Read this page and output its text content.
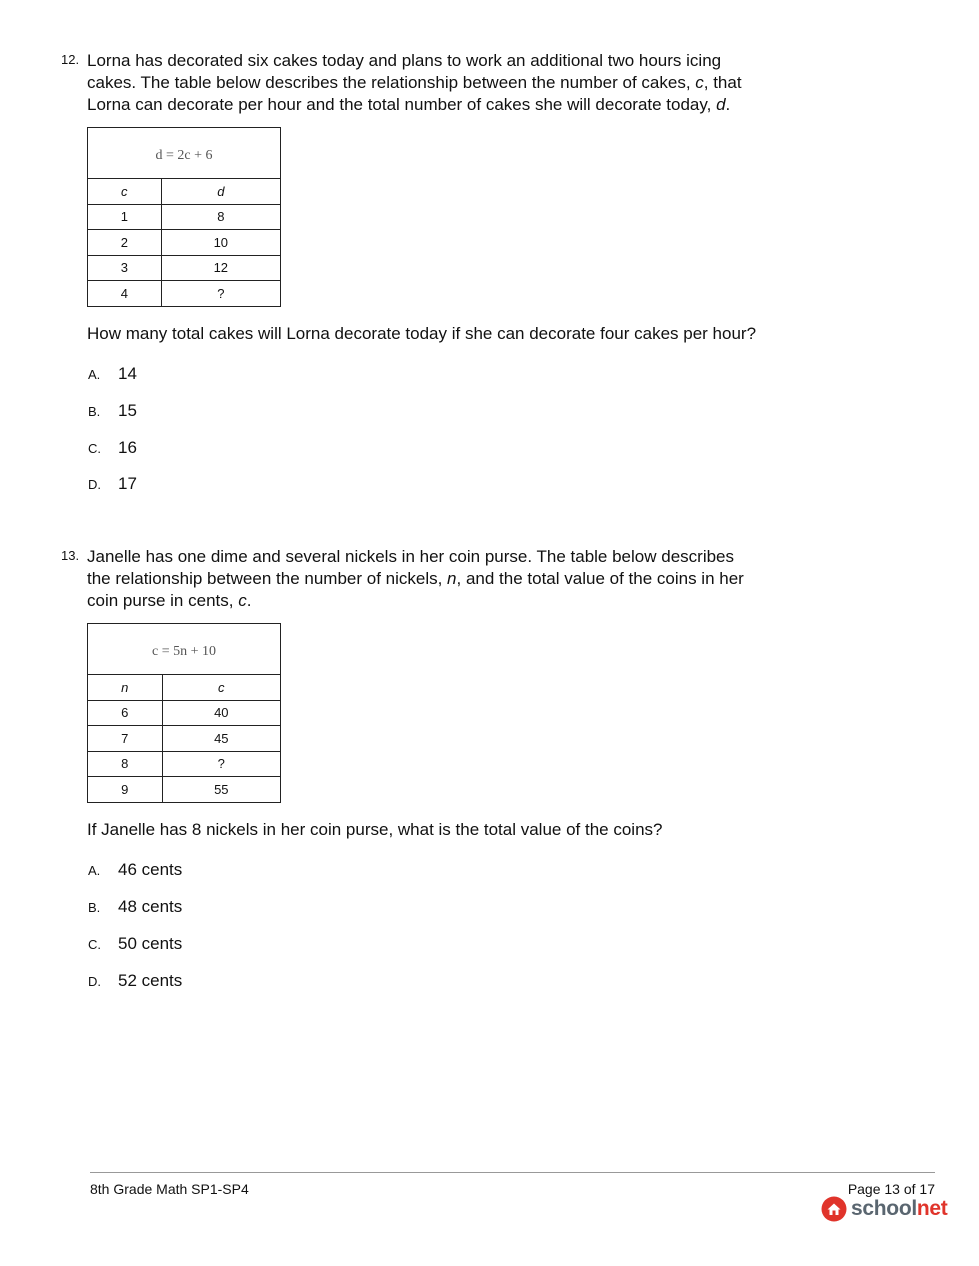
12. Lorna has decorated six cakes today and plans to work an additional two hours icing
cakes. The table below describes the relationship between the number of cakes, c, that
Lorna can decorate per hour and the total number of cakes she will decorate today, d.
d = 2c + 6	
c	d
1	8
2	10
3	12
4	?
How many total cakes will Lorna decorate today if she can decorate four cakes per hour?
A.	14
B.	15
C.	16
D.	17
13. Janelle has one dime and several nickels in her coin purse. The table below describes
the relationship between the number of nickels, n, and the total value of the coins in her
coin purse in cents, c.
c = 5n + 10	
n	c
6	40
7	45
8	?
9	55
If Janelle has 8 nickels in her coin purse, what is the total value of the coins?
A.	46 cents
B.	48 cents
C.	50 cents
D.	52 cents
8th Grade Math SP1-SP4	Page 13 of 17
schoolnet
